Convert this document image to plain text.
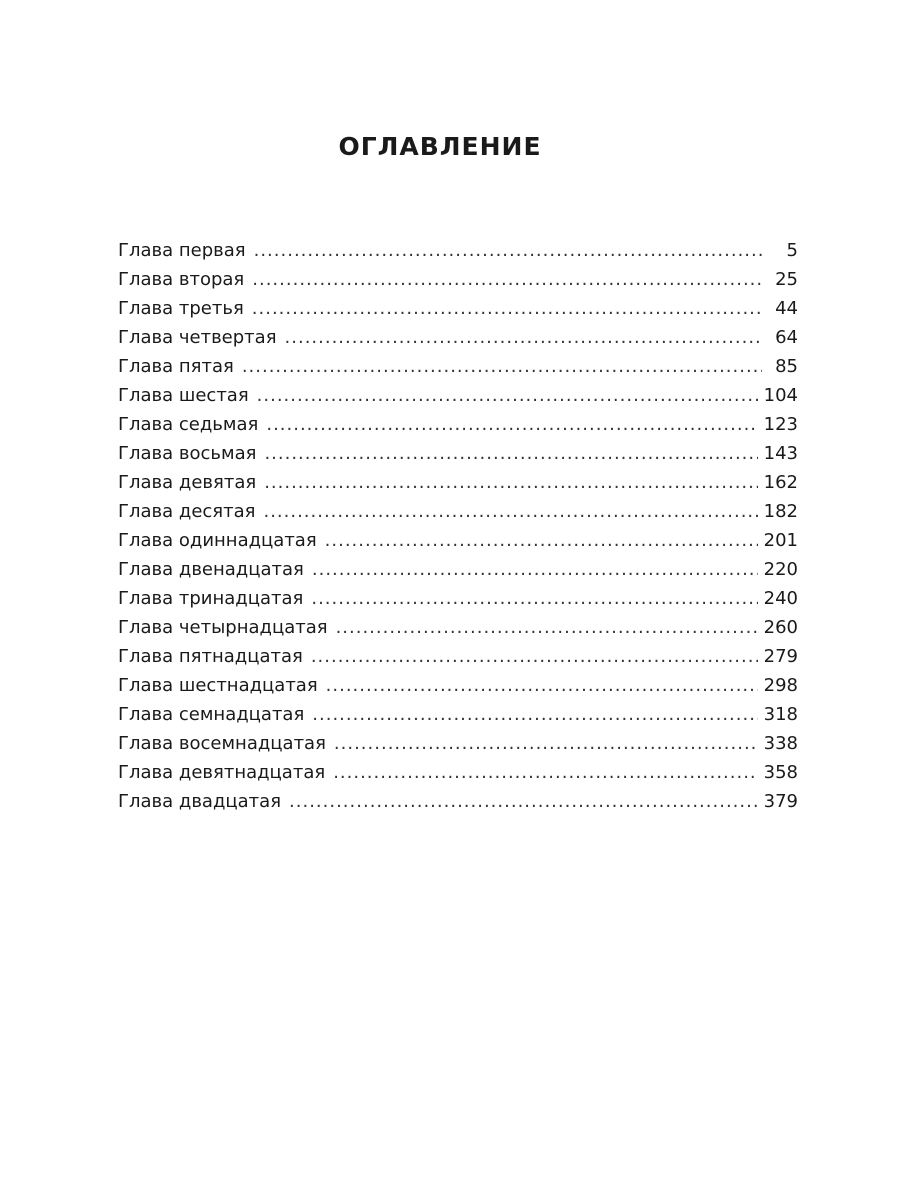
ОГЛАВЛЕНИЕ
Глава первая .....	5
Глава вторая .....	25
Глава третья .....	44
Глава четвертая .....	64
Глава пятая .....	85
Глава шестая .....	104
Глава седьмая .....	123
Глава восьмая .....	143
Глава девятая .....	162
Глава десятая .....	182
Глава одиннадцатая .....	201
Глава двенадцатая .....	220
Глава тринадцатая .....	240
Глава четырнадцатая .....	260
Глава пятнадцатая .....	279
Глава шестнадцатая .....	298
Глава семнадцатая .....	318
Глава восемнадцатая .....	338
Глава девятнадцатая .....	358
Глава двадцатая .....	379
